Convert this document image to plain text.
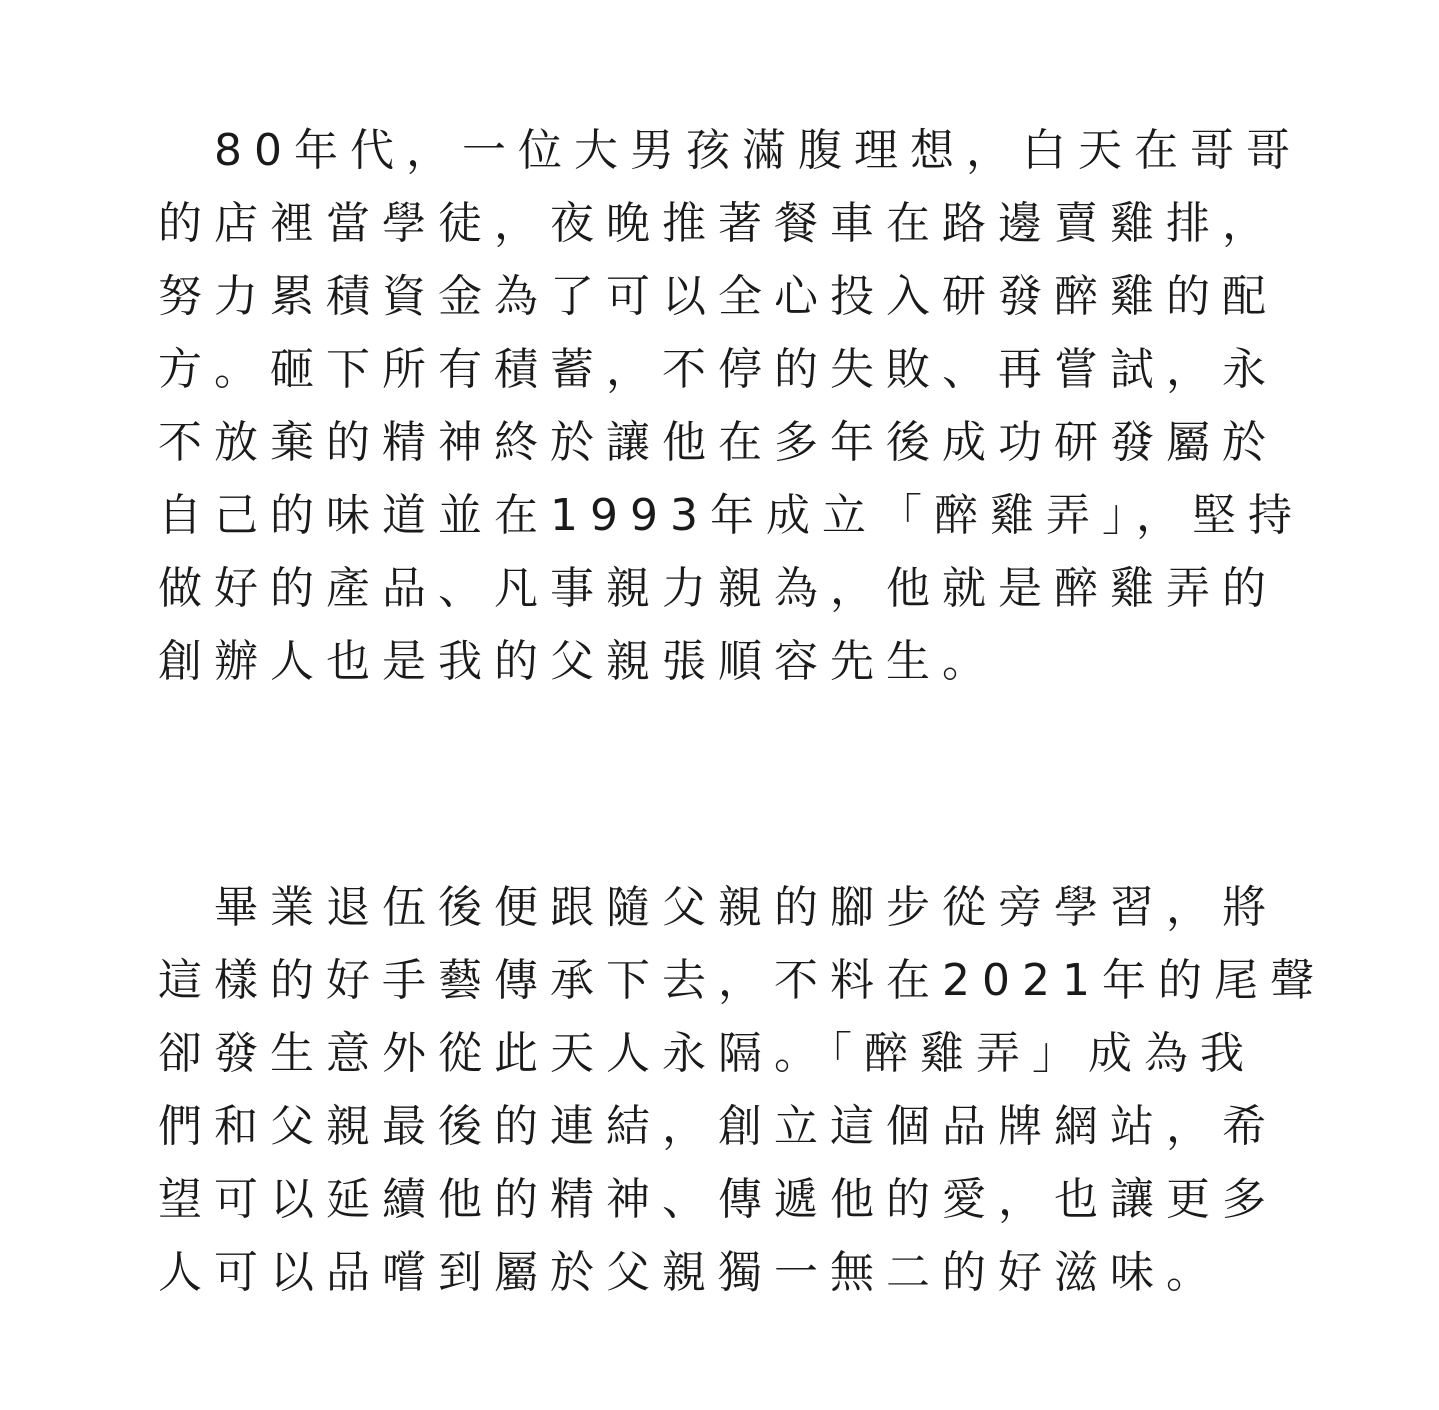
　80年代，一位大男孩滿腹理想，白天在哥哥
的店裡當學徒，夜晚推著餐車在路邊賣雞排，
努力累積資金為了可以全心投入研發醉雞的配
方。砸下所有積蓄，不停的失敗、再嘗試，永
不放棄的精神終於讓他在多年後成功研發屬於
自己的味道並在1993年成立「醉雞弄」，堅持
做好的產品、凡事親力親為，他就是醉雞弄的
創辦人也是我的父親張順容先生。
　畢業退伍後便跟隨父親的腳步從旁學習，將
這樣的好手藝傳承下去，不料在2021年的尾聲
卻發生意外從此天人永隔。「醉雞弄」成為我
們和父親最後的連結，創立這個品牌網站，希
望可以延續他的精神、傳遞他的愛，也讓更多
人可以品嚐到屬於父親獨一無二的好滋味。
